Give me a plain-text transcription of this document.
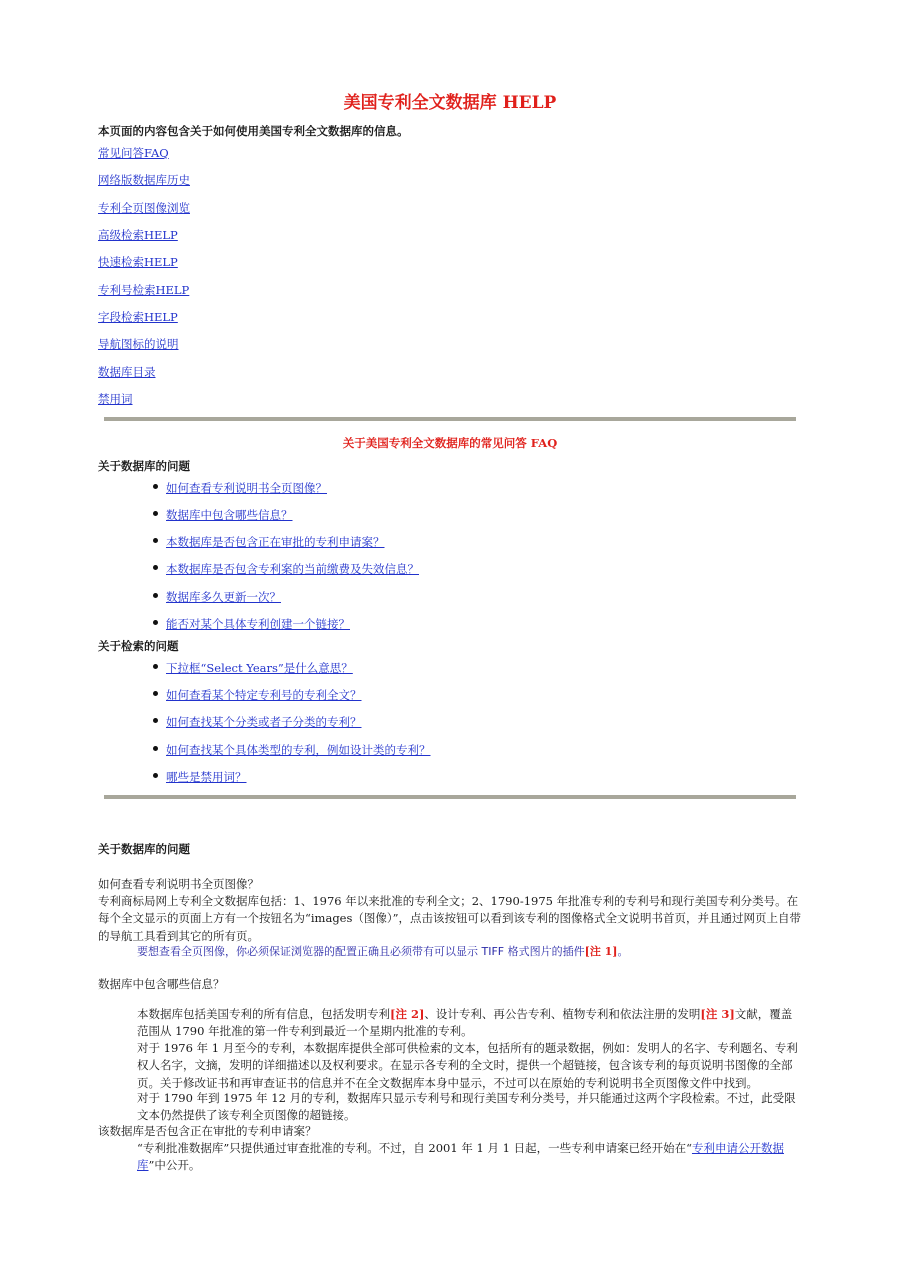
美国专利全文数据库 HELP
本页面的内容包含关于如何使用美国专利全文数据库的信息。
常见问答FAQ
网络版数据库历史
专利全页图像浏览
高级检索HELP
快速检索HELP
专利号检索HELP
字段检索HELP
导航图标的说明
数据库目录
禁用词
关于美国专利全文数据库的常见问答 FAQ
关于数据库的问题
如何查看专利说明书全页图像？
数据库中包含哪些信息？
本数据库是否包含正在审批的专利申请案？
本数据库是否包含专利案的当前缴费及失效信息？
数据库多久更新一次？
能否对某个具体专利创建一个链接？
关于检索的问题
下拉框“Select Years”是什么意思？
如何查看某个特定专利号的专利全文？
如何查找某个分类或者子分类的专利？
如何查找某个具体类型的专利，例如设计类的专利？
哪些是禁用词？
关于数据库的问题
如何查看专利说明书全页图像？
专利商标局网上专利全文数据库包括：1、1976 年以来批准的专利全文；2、1790-1975 年批准专利的专利号和现行美国专利分类号。在每个全文显示的页面上方有一个按钮名为“images（图像）”，点击该按钮可以看到该专利的图像格式全文说明书首页，并且通过网页上自带的导航工具看到其它的所有页。
要想查看全页图像，你必须保证浏览器的配置正确且必须带有可以显示 TIFF 格式图片的插件[注 1]。
数据库中包含哪些信息？
本数据库包括美国专利的所有信息，包括发明专利[注 2]、设计专利、再公告专利、植物专利和依法注册的发明[注 3]文献，覆盖范围从 1790 年批准的第一件专利到最近一个星期内批准的专利。
对于 1976 年 1 月至今的专利，本数据库提供全部可供检索的文本，包括所有的题录数据，例如：发明人的名字、专利题名、专利权人名字，文摘，发明的详细描述以及权利要求。在显示各专利的全文时，提供一个超链接，包含该专利的每页说明书图像的全部页。关于修改证书和再审查证书的信息并不在全文数据库本身中显示，不过可以在原始的专利说明书全页图像文件中找到。
对于 1790 年到 1975 年 12 月的专利，数据库只显示专利号和现行美国专利分类号，并只能通过这两个字段检索。不过，此受限文本仍然提供了该专利全页图像的超链接。
该数据库是否包含正在审批的专利申请案？
“专利批准数据库”只提供通过审查批准的专利。不过，自 2001 年 1 月 1 日起，一些专利申请案已经开始在“专利申请公开数据库”中公开。
